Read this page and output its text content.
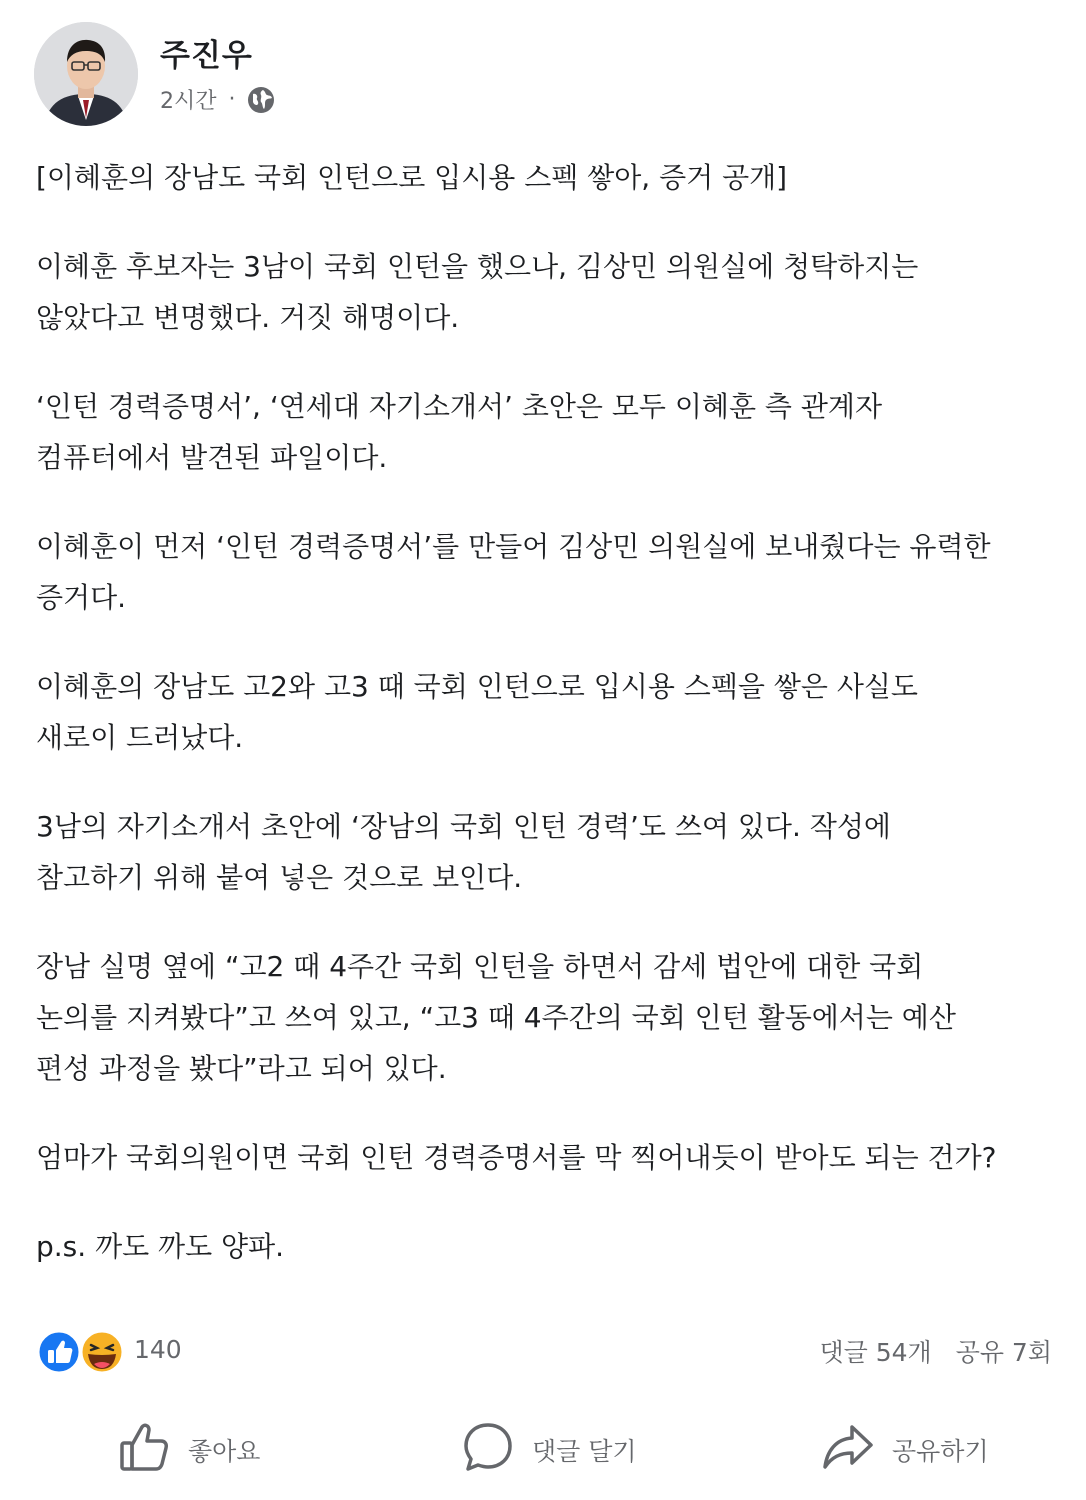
주진우
2시간 ·

[이혜훈의 장남도 국회 인턴으로 입시용 스펙 쌓아, 증거 공개]

이혜훈 후보자는 3남이 국회 인턴을 했으나, 김상민 의원실에 청탁하지는
않았다고 변명했다. 거짓 해명이다.

‘인턴 경력증명서’, ‘연세대 자기소개서’ 초안은 모두 이혜훈 측 관계자
컴퓨터에서 발견된 파일이다.

이혜훈이 먼저 ‘인턴 경력증명서’를 만들어 김상민 의원실에 보내줬다는 유력한
증거다.

이혜훈의 장남도 고2와 고3 때 국회 인턴으로 입시용 스펙을 쌓은 사실도
새로이 드러났다.

3남의 자기소개서 초안에 ‘장남의 국회 인턴 경력’도 쓰여 있다. 작성에
참고하기 위해 붙여 넣은 것으로 보인다.

장남 실명 옆에 “고2 때 4주간 국회 인턴을 하면서 감세 법안에 대한 국회
논의를 지켜봤다”고 쓰여 있고, “고3 때 4주간의 국회 인턴 활동에서는 예산
편성 과정을 봤다”라고 되어 있다.

엄마가 국회의원이면 국회 인턴 경력증명서를 막 찍어내듯이 받아도 되는 건가?

p.s. 까도 까도 양파.

140	댓글 54개 공유 7회
좋아요	댓글 달기	공유하기
